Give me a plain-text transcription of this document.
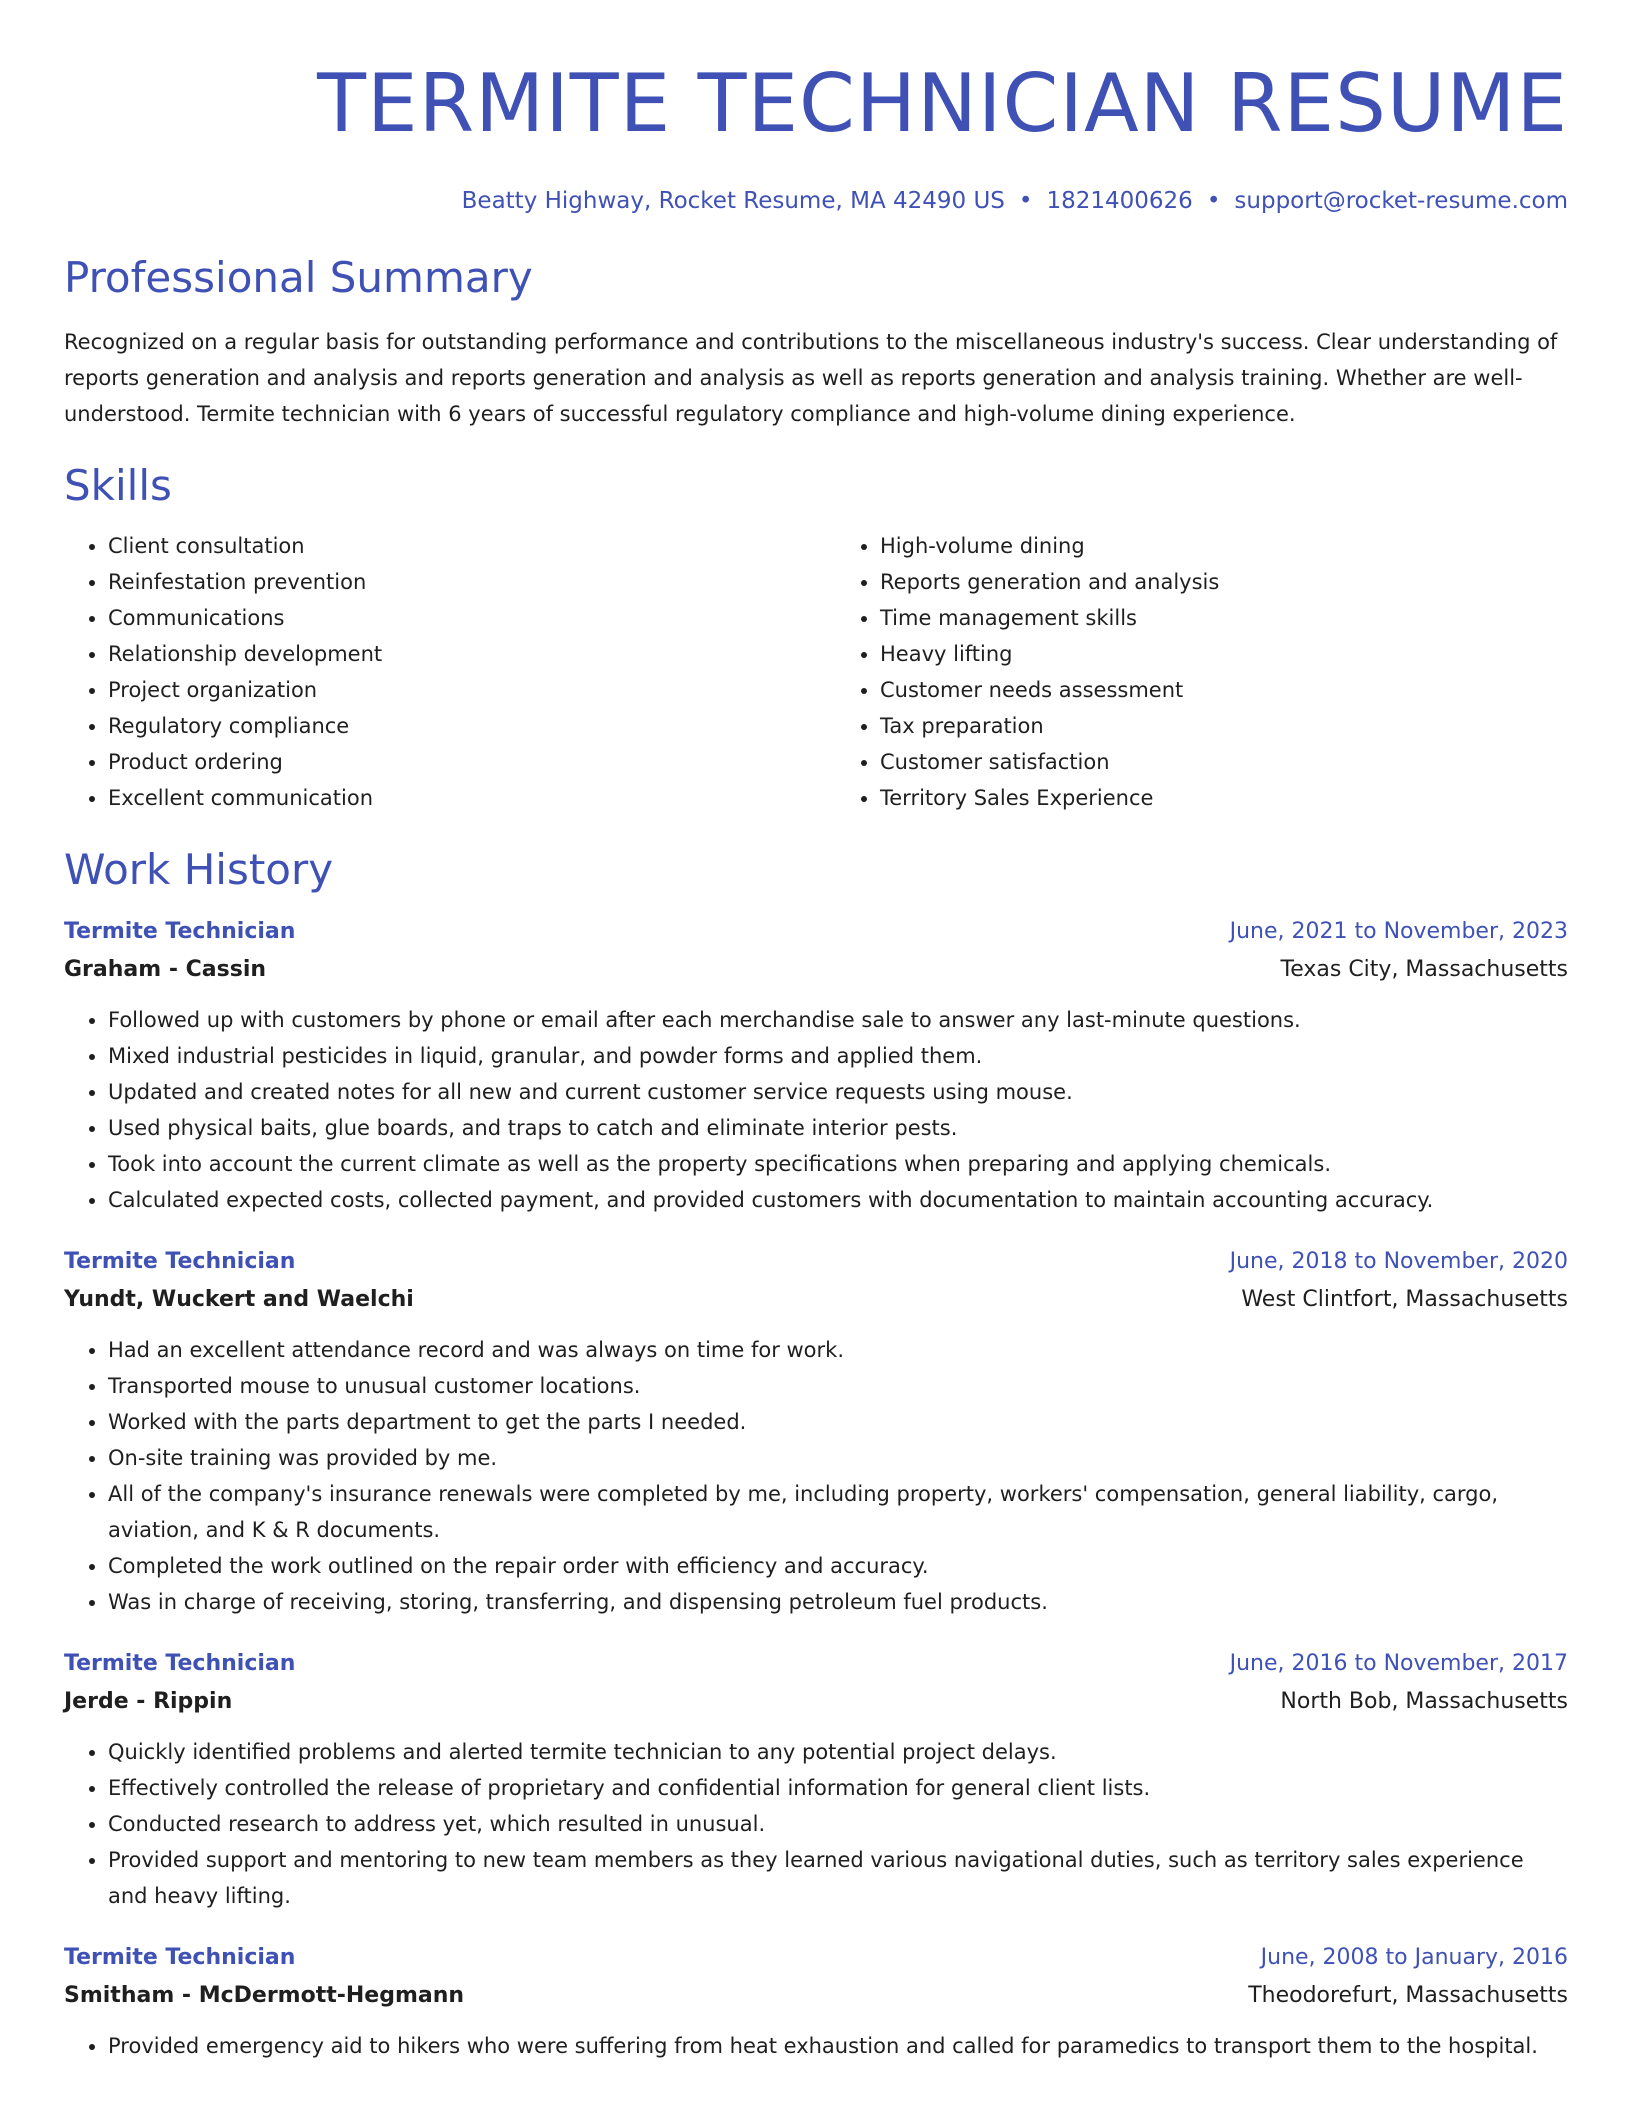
TERMITE TECHNICIAN RESUME
Beatty Highway, Rocket Resume, MA 42490 US • 1821400626 • support@rocket-resume.com
Professional Summary
Recognized on a regular basis for outstanding performance and contributions to the miscellaneous industry's success. Clear understanding of reports generation and analysis and reports generation and analysis as well as reports generation and analysis training. Whether are well-understood. Termite technician with 6 years of successful regulatory compliance and high-volume dining experience.
Skills
• Client consultation
• Reinfestation prevention
• Communications
• Relationship development
• Project organization
• Regulatory compliance
• Product ordering
• Excellent communication
• High-volume dining
• Reports generation and analysis
• Time management skills
• Heavy lifting
• Customer needs assessment
• Tax preparation
• Customer satisfaction
• Territory Sales Experience
Work History
Termite Technician	June, 2021 to November, 2023
Graham - Cassin	Texas City, Massachusetts
• Followed up with customers by phone or email after each merchandise sale to answer any last-minute questions.
• Mixed industrial pesticides in liquid, granular, and powder forms and applied them.
• Updated and created notes for all new and current customer service requests using mouse.
• Used physical baits, glue boards, and traps to catch and eliminate interior pests.
• Took into account the current climate as well as the property specifications when preparing and applying chemicals.
• Calculated expected costs, collected payment, and provided customers with documentation to maintain accounting accuracy.
Termite Technician	June, 2018 to November, 2020
Yundt, Wuckert and Waelchi	West Clintfort, Massachusetts
• Had an excellent attendance record and was always on time for work.
• Transported mouse to unusual customer locations.
• Worked with the parts department to get the parts I needed.
• On-site training was provided by me.
• All of the company's insurance renewals were completed by me, including property, workers' compensation, general liability, cargo, aviation, and K & R documents.
• Completed the work outlined on the repair order with efficiency and accuracy.
• Was in charge of receiving, storing, transferring, and dispensing petroleum fuel products.
Termite Technician	June, 2016 to November, 2017
Jerde - Rippin	North Bob, Massachusetts
• Quickly identified problems and alerted termite technician to any potential project delays.
• Effectively controlled the release of proprietary and confidential information for general client lists.
• Conducted research to address yet, which resulted in unusual.
• Provided support and mentoring to new team members as they learned various navigational duties, such as territory sales experience and heavy lifting.
Termite Technician	June, 2008 to January, 2016
Smitham - McDermott-Hegmann	Theodorefurt, Massachusetts
• Provided emergency aid to hikers who were suffering from heat exhaustion and called for paramedics to transport them to the hospital.
